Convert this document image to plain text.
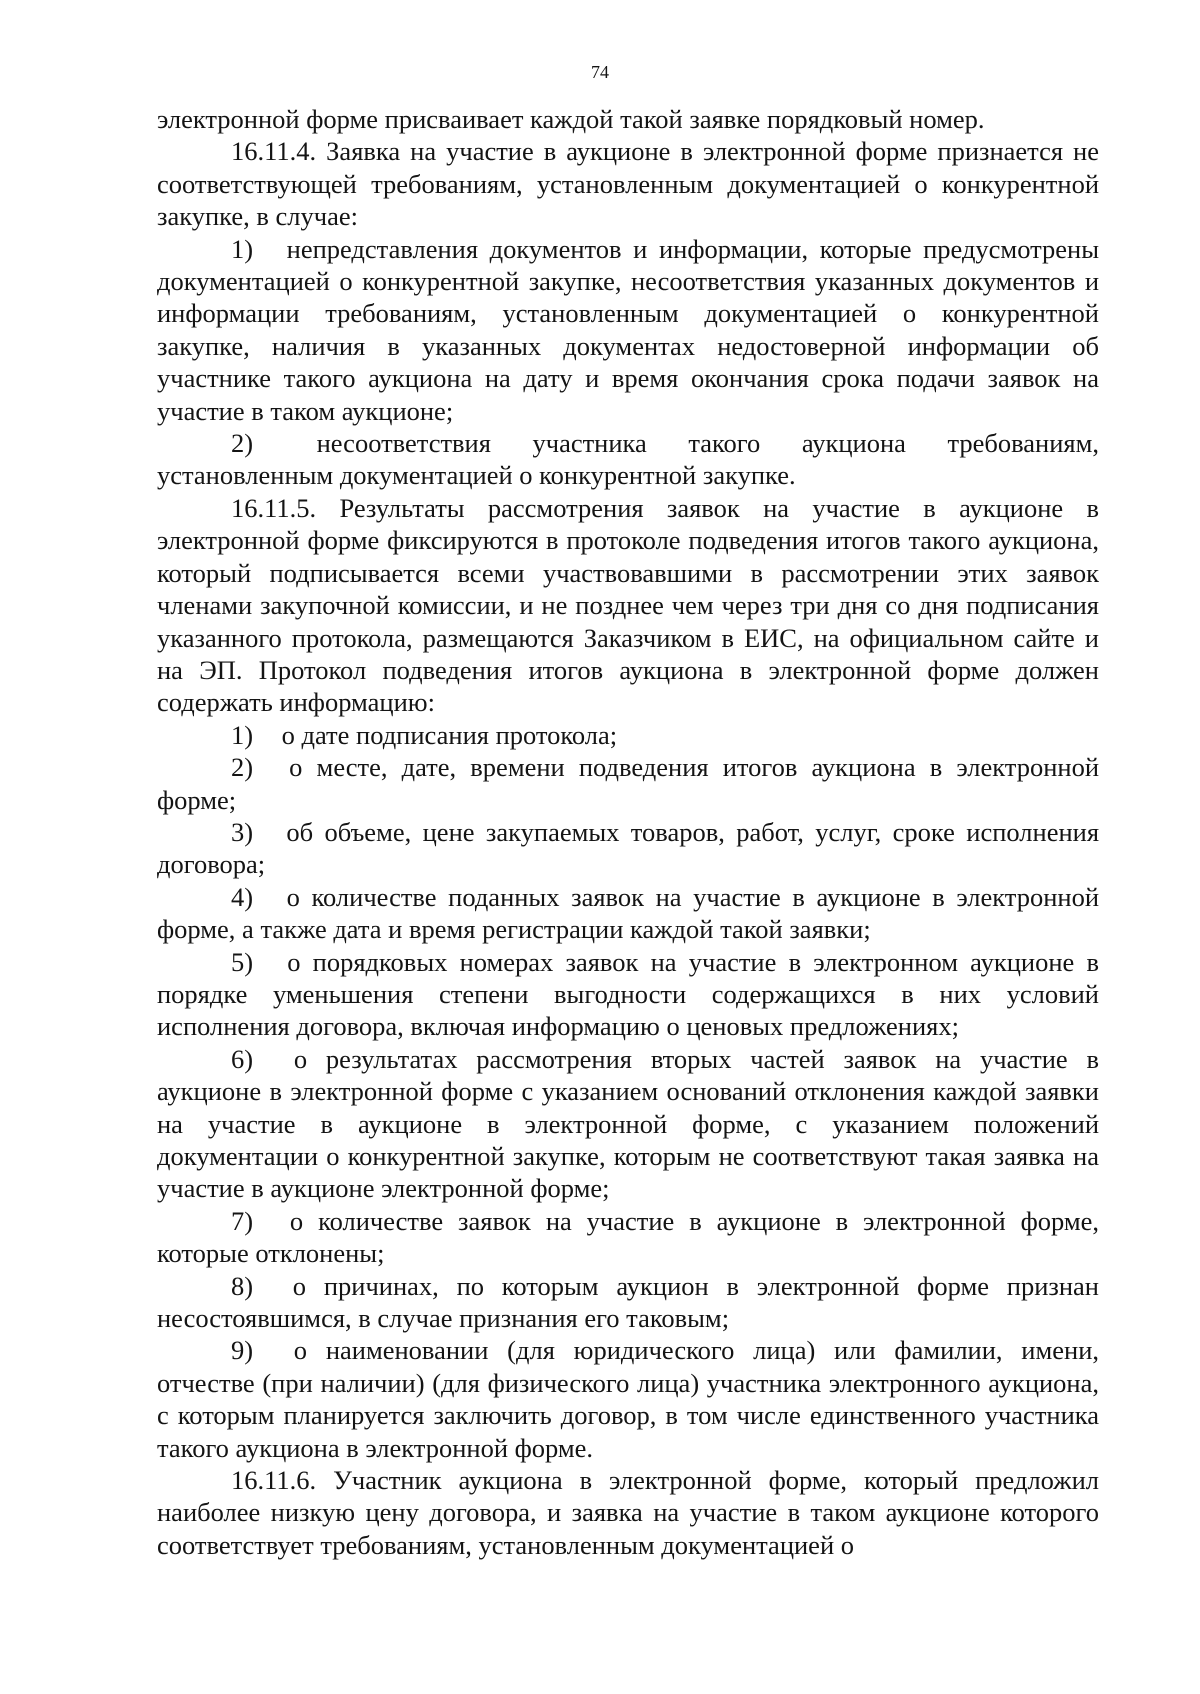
74

электронной форме присваивает каждой такой заявке порядковый номер.

16.11.4. Заявка на участие в аукционе в электронной форме признается не соответствующей требованиям, установленным документацией о конкурентной закупке, в случае:

1) непредставления документов и информации, которые предусмотрены документацией о конкурентной закупке, несоответствия указанных документов и информации требованиям, установленным документацией о конкурентной закупке, наличия в указанных документах недостоверной информации об участнике такого аукциона на дату и время окончания срока подачи заявок на участие в таком аукционе;

2) несоответствия участника такого аукциона требованиям, установленным документацией о конкурентной закупке.

16.11.5. Результаты рассмотрения заявок на участие в аукционе в электронной форме фиксируются в протоколе подведения итогов такого аукциона, который подписывается всеми участвовавшими в рассмотрении этих заявок членами закупочной комиссии, и не позднее чем через три дня со дня подписания указанного протокола, размещаются Заказчиком в ЕИС, на официальном сайте и на ЭП. Протокол подведения итогов аукциона в электронной форме должен содержать информацию:

1) о дате подписания протокола;

2) о месте, дате, времени подведения итогов аукциона в электронной форме;

3) об объеме, цене закупаемых товаров, работ, услуг, сроке исполнения договора;

4) о количестве поданных заявок на участие в аукционе в электронной форме, а также дата и время регистрации каждой такой заявки;

5) о порядковых номерах заявок на участие в электронном аукционе в порядке уменьшения степени выгодности содержащихся в них условий исполнения договора, включая информацию о ценовых предложениях;

6) о результатах рассмотрения вторых частей заявок на участие в аукционе в электронной форме с указанием оснований отклонения каждой заявки на участие в аукционе в электронной форме, с указанием положений документации о конкурентной закупке, которым не соответствуют такая заявка на участие в аукционе электронной форме;

7) о количестве заявок на участие в аукционе в электронной форме, которые отклонены;

8) о причинах, по которым аукцион в электронной форме признан несостоявшимся, в случае признания его таковым;

9) о наименовании (для юридического лица) или фамилии, имени, отчестве (при наличии) (для физического лица) участника электронного аукциона, с которым планируется заключить договор, в том числе единственного участника такого аукциона в электронной форме.

16.11.6. Участник аукциона в электронной форме, который предложил наиболее низкую цену договора, и заявка на участие в таком аукционе которого соответствует требованиям, установленным документацией о
